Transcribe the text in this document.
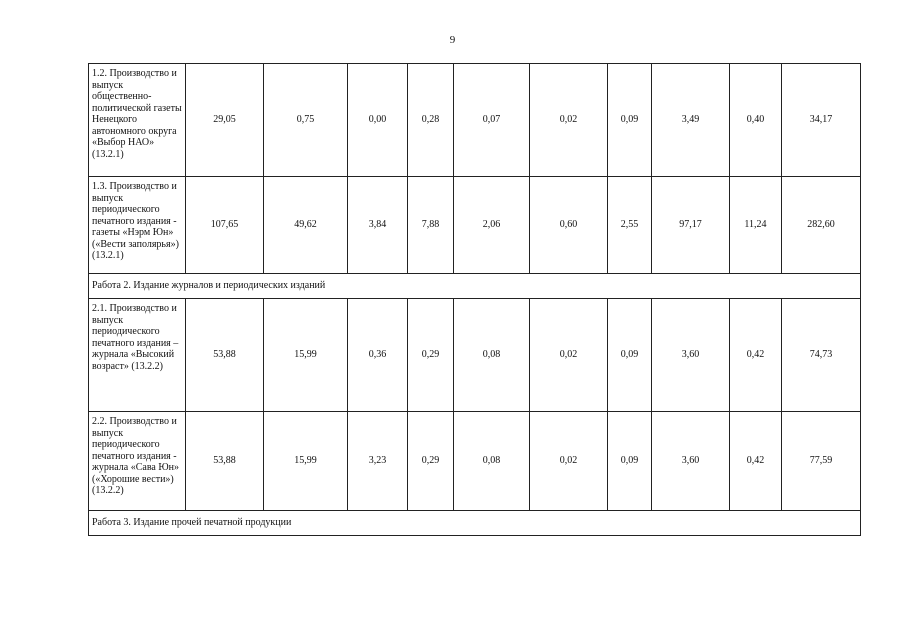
9
1.2. Производство и выпуск общественно-политической газеты Ненецкого автономного округа «Выбор НАО» (13.2.1)	29,05	0,75	0,00	0,28	0,07	0,02	0,09	3,49	0,40	34,17
1.3. Производство и выпуск периодического печатного издания - газеты «Нэрм Юн» («Вести заполярья») (13.2.1)	107,65	49,62	3,84	7,88	2,06	0,60	2,55	97,17	11,24	282,60
Работа 2. Издание журналов и периодических изданий										
2.1. Производство и выпуск периодического печатного издания – журнала «Высокий возраст» (13.2.2)	53,88	15,99	0,36	0,29	0,08	0,02	0,09	3,60	0,42	74,73
2.2. Производство и выпуск периодического печатного издания - журнала «Сава Юн» («Хорошие вести») (13.2.2)	53,88	15,99	3,23	0,29	0,08	0,02	0,09	3,60	0,42	77,59
Работа 3. Издание прочей печатной продукции										
